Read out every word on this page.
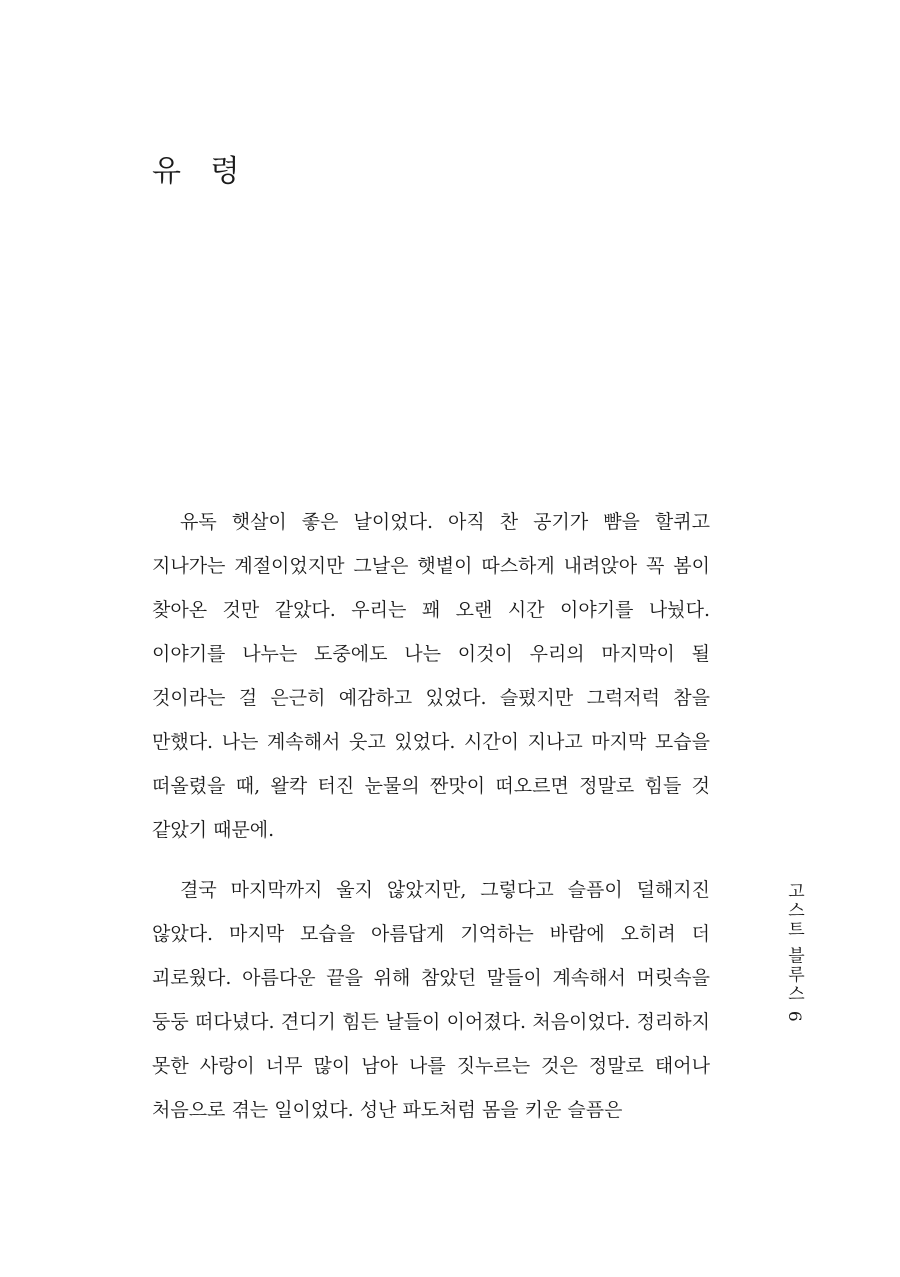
유 령

유독 햇살이 좋은 날이었다. 아직 찬 공기가 뺨을 할퀴고 지나가는 계절이었지만 그날은 햇볕이 따스하게 내려앉아 꼭 봄이 찾아온 것만 같았다. 우리는 꽤 오랜 시간 이야기를 나눴다. 이야기를 나누는 도중에도 나는 이것이 우리의 마지막이 될 것이라는 걸 은근히 예감하고 있었다. 슬펐지만 그럭저럭 참을 만했다. 나는 계속해서 웃고 있었다. 시간이 지나고 마지막 모습을 떠올렸을 때, 왈칵 터진 눈물의 짠맛이 떠오르면 정말로 힘들 것 같았기 때문에.

결국 마지막까지 울지 않았지만, 그렇다고 슬픔이 덜해지진 않았다. 마지막 모습을 아름답게 기억하는 바람에 오히려 더 괴로웠다. 아름다운 끝을 위해 참았던 말들이 계속해서 머릿속을 둥둥 떠다녔다. 견디기 힘든 날들이 이어졌다. 처음이었다. 정리하지 못한 사랑이 너무 많이 남아 나를 짓누르는 것은 정말로 태어나 처음으로 겪는 일이었다. 성난 파도처럼 몸을 키운 슬픔은

고스트 블루스 6
